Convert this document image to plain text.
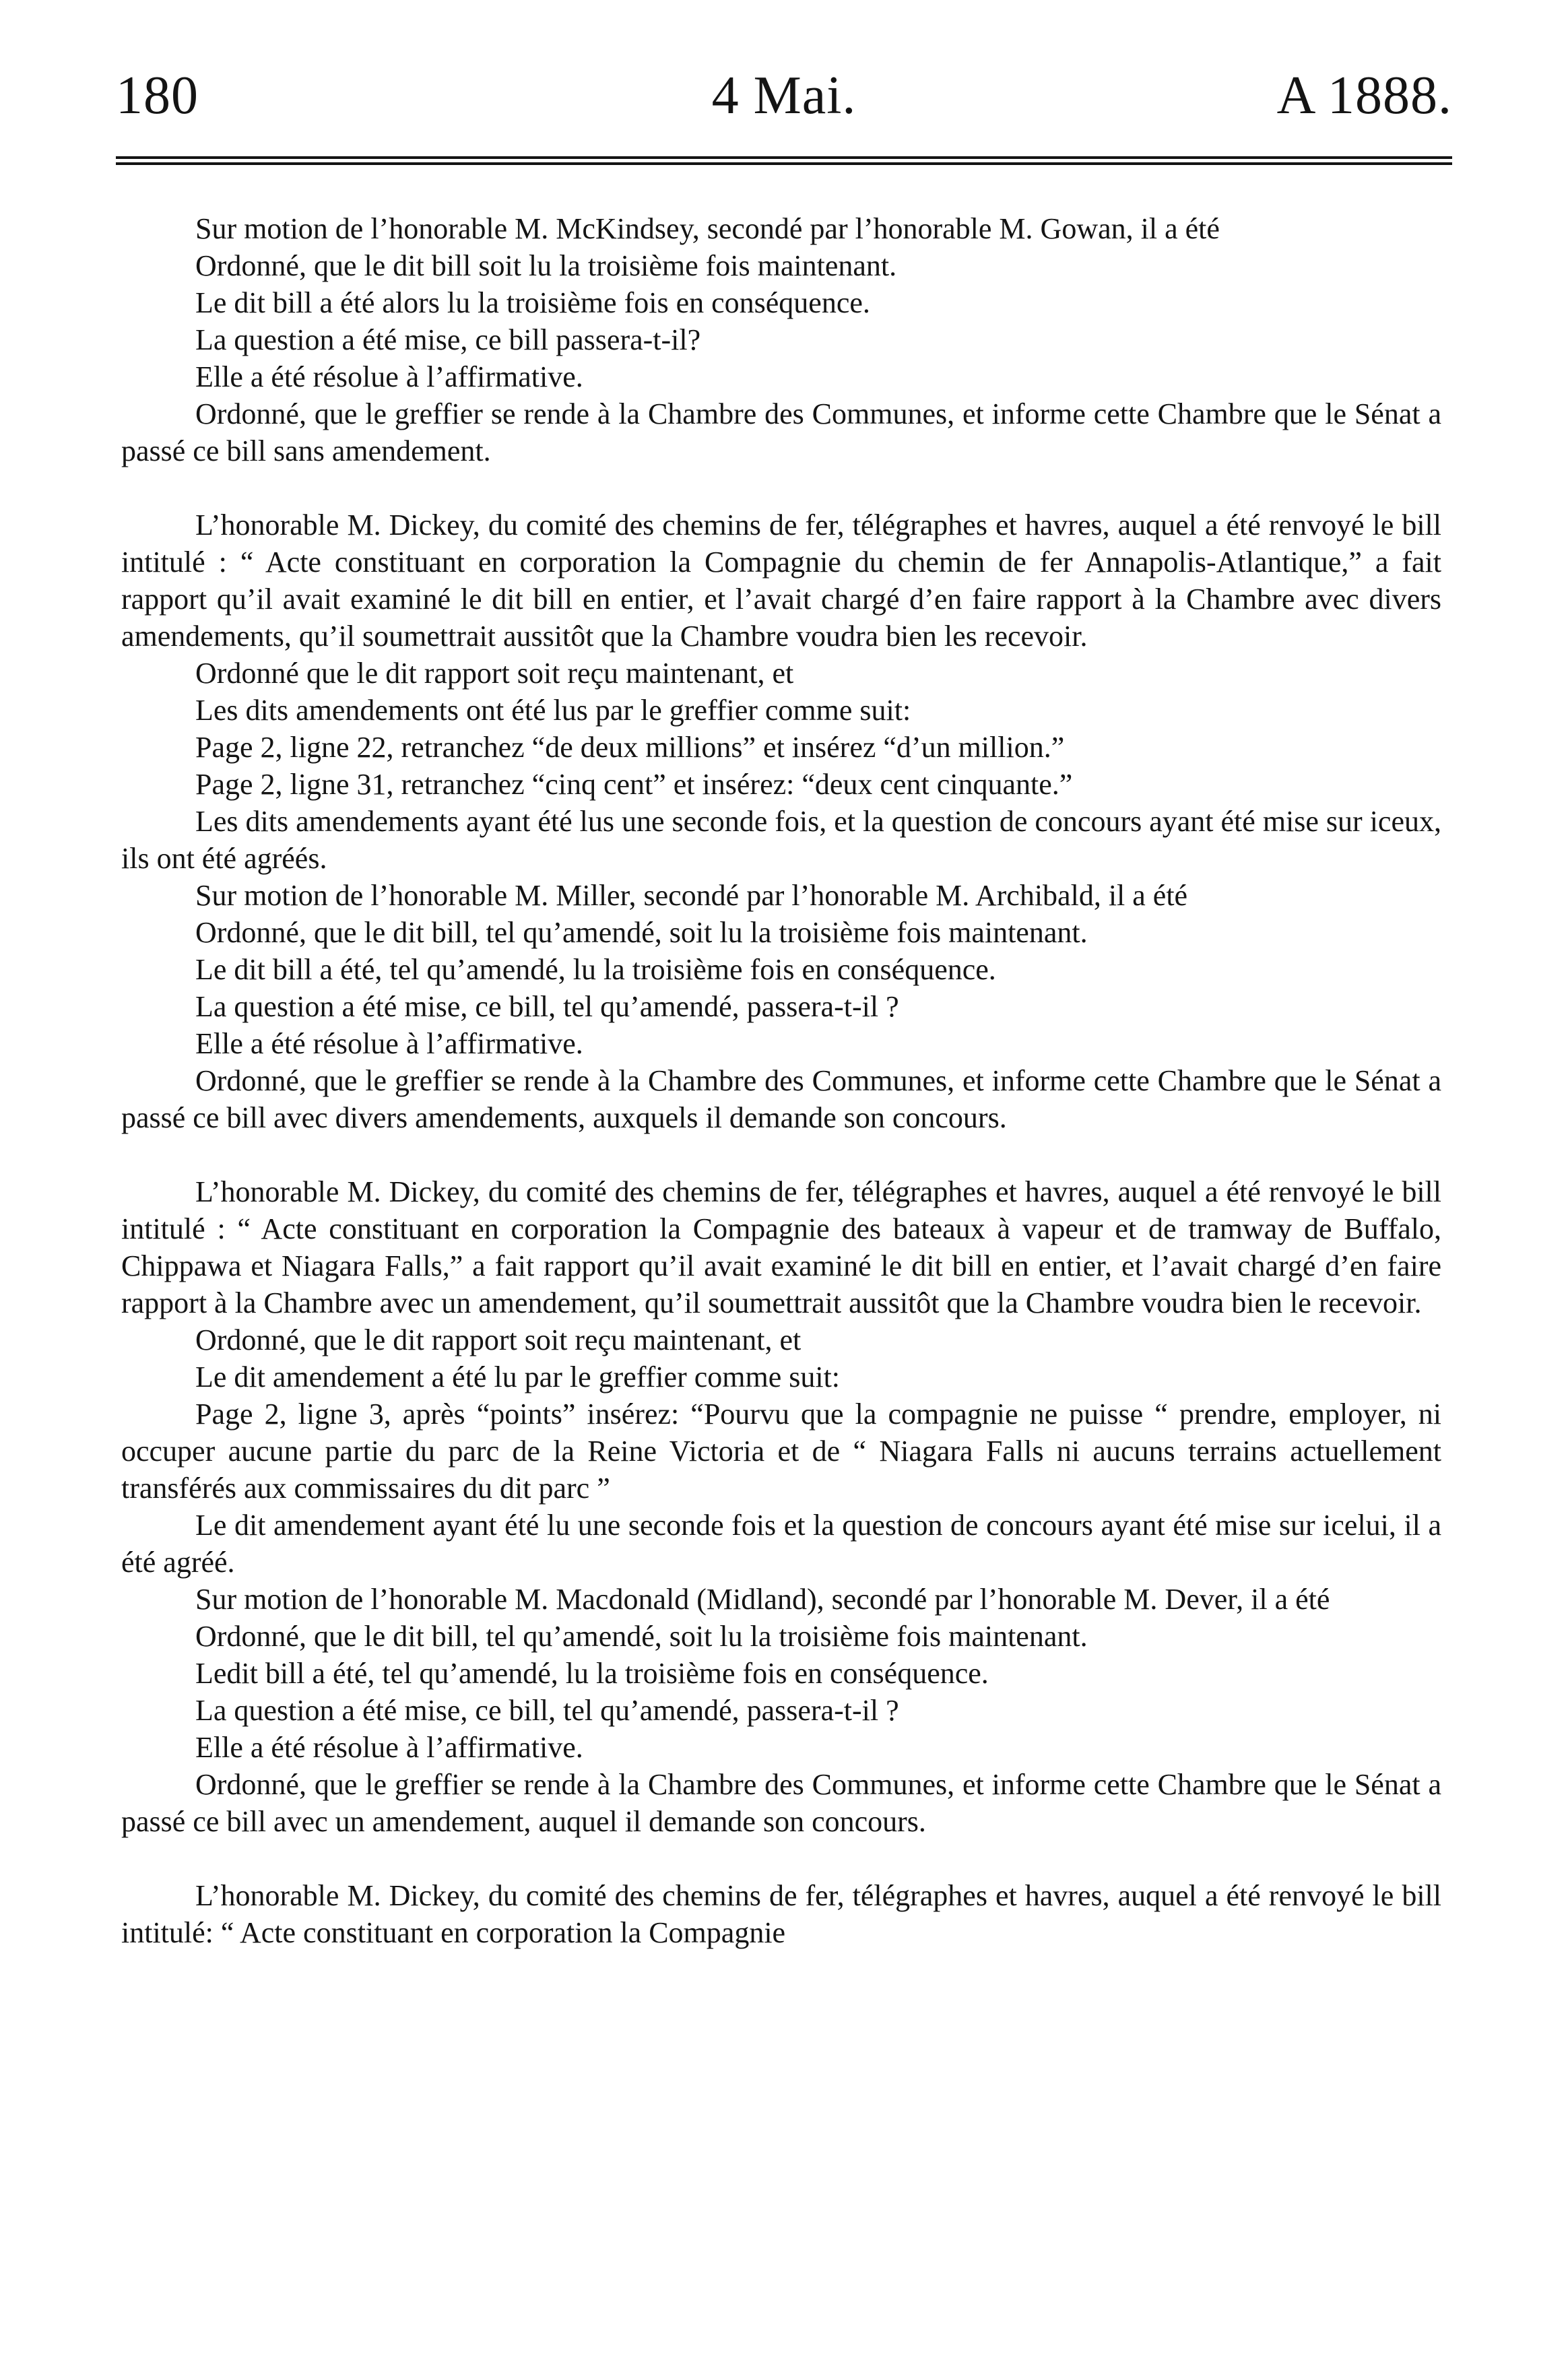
180	4 Mai.	A 1888.

Sur motion de l’honorable M. McKindsey, secondé par l’honorable M. Gowan, il a été

Ordonné, que le dit bill soit lu la troisième fois maintenant.

Le dit bill a été alors lu la troisième fois en conséquence.

La question a été mise, ce bill passera-t-il?

Elle a été résolue à l’affirmative.

Ordonné, que le greffier se rende à la Chambre des Communes, et informe cette Chambre que le Sénat a passé ce bill sans amendement.

L’honorable M. Dickey, du comité des chemins de fer, télégraphes et havres, auquel a été renvoyé le bill intitulé : “ Acte constituant en corporation la Compagnie du chemin de fer Annapolis-Atlantique,” a fait rapport qu’il avait examiné le dit bill en entier, et l’avait chargé d’en faire rapport à la Chambre avec divers amendements, qu’il soumettrait aussitôt que la Chambre voudra bien les recevoir.

Ordonné que le dit rapport soit reçu maintenant, et

Les dits amendements ont été lus par le greffier comme suit:

Page 2, ligne 22, retranchez “de deux millions” et insérez “d’un million.”

Page 2, ligne 31, retranchez “cinq cent” et insérez: “deux cent cinquante.”

Les dits amendements ayant été lus une seconde fois, et la question de concours ayant été mise sur iceux, ils ont été agréés.

Sur motion de l’honorable M. Miller, secondé par l’honorable M. Archibald, il a été

Ordonné, que le dit bill, tel qu’amendé, soit lu la troisième fois maintenant.

Le dit bill a été, tel qu’amendé, lu la troisième fois en conséquence.

La question a été mise, ce bill, tel qu’amendé, passera-t-il ?

Elle a été résolue à l’affirmative.

Ordonné, que le greffier se rende à la Chambre des Communes, et informe cette Chambre que le Sénat a passé ce bill avec divers amendements, auxquels il demande son concours.

L’honorable M. Dickey, du comité des chemins de fer, télégraphes et havres, auquel a été renvoyé le bill intitulé : “ Acte constituant en corporation la Compagnie des bateaux à vapeur et de tramway de Buffalo, Chippawa et Niagara Falls,” a fait rapport qu’il avait examiné le dit bill en entier, et l’avait chargé d’en faire rapport à la Chambre avec un amendement, qu’il soumettrait aussitôt que la Chambre voudra bien le recevoir.

Ordonné, que le dit rapport soit reçu maintenant, et

Le dit amendement a été lu par le greffier comme suit:

Page 2, ligne 3, après “points” insérez: “Pourvu que la compagnie ne puisse “ prendre, employer, ni occuper aucune partie du parc de la Reine Victoria et de “ Niagara Falls ni aucuns terrains actuellement transférés aux commissaires du dit parc ”

Le dit amendement ayant été lu une seconde fois et la question de concours ayant été mise sur icelui, il a été agréé.

Sur motion de l’honorable M. Macdonald (Midland), secondé par l’honorable M. Dever, il a été

Ordonné, que le dit bill, tel qu’amendé, soit lu la troisième fois maintenant.

Ledit bill a été, tel qu’amendé, lu la troisième fois en conséquence.

La question a été mise, ce bill, tel qu’amendé, passera-t-il ?

Elle a été résolue à l’affirmative.

Ordonné, que le greffier se rende à la Chambre des Communes, et informe cette Chambre que le Sénat a passé ce bill avec un amendement, auquel il demande son concours.

L’honorable M. Dickey, du comité des chemins de fer, télégraphes et havres, auquel a été renvoyé le bill intitulé: “ Acte constituant en corporation la Compagnie
